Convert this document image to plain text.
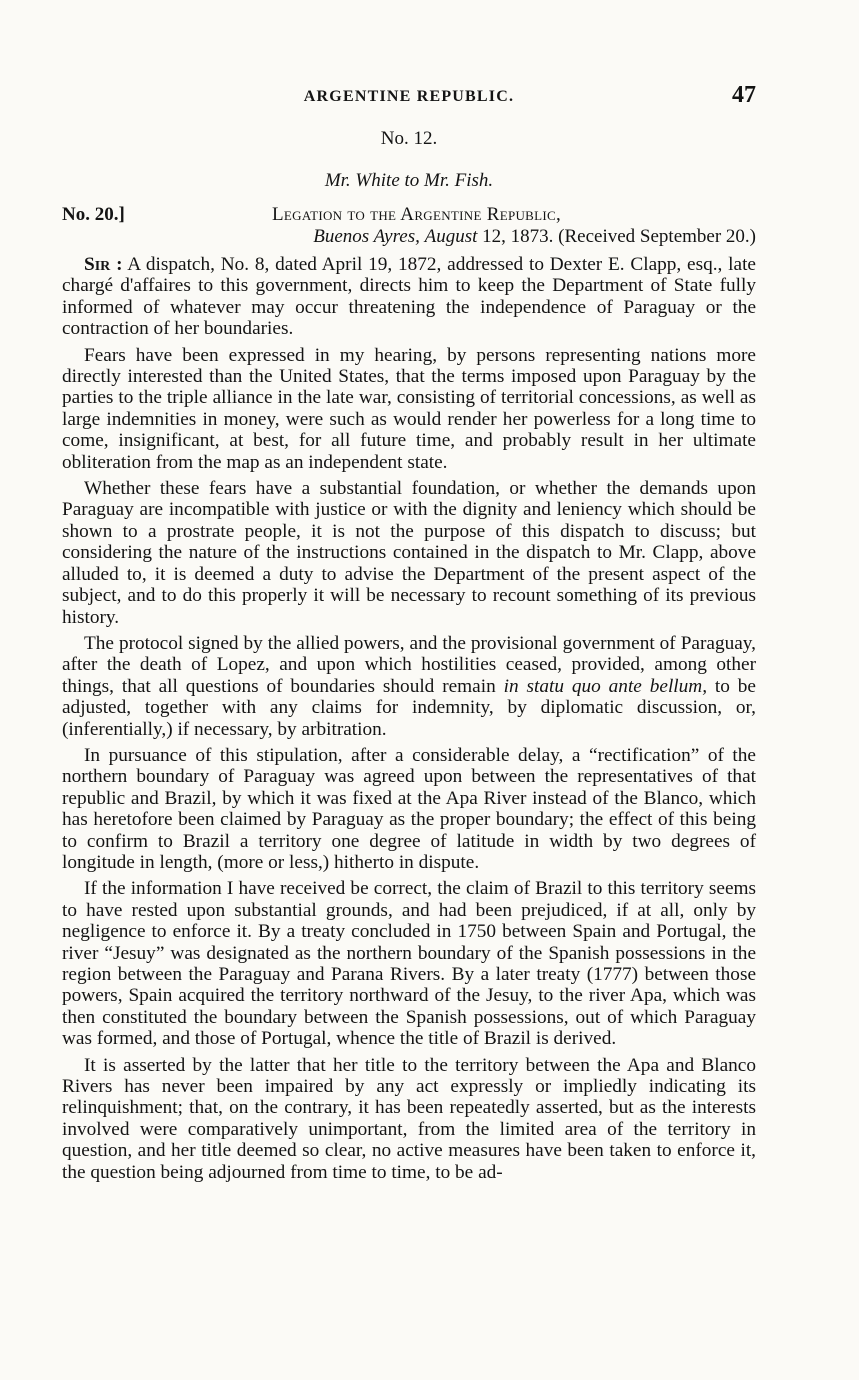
ARGENTINE REPUBLIC.	47
No. 12.
Mr. White to Mr. Fish.
No. 20.]	Legation to the Argentine Republic,
Buenos Ayres, August 12, 1873. (Received September 20.)

Sir : A dispatch, No. 8, dated April 19, 1872, addressed to Dexter E. Clapp, esq., late chargé d'affaires to this government, directs him to keep the Department of State fully informed of whatever may occur threatening the independence of Paraguay or the contraction of her boundaries.

Fears have been expressed in my hearing, by persons representing nations more directly interested than the United States, that the terms imposed upon Paraguay by the parties to the triple alliance in the late war, consisting of territorial concessions, as well as large indemnities in money, were such as would render her powerless for a long time to come, insignificant, at best, for all future time, and probably result in her ultimate obliteration from the map as an independent state.

Whether these fears have a substantial foundation, or whether the demands upon Paraguay are incompatible with justice or with the dignity and leniency which should be shown to a prostrate people, it is not the purpose of this dispatch to discuss; but considering the nature of the instructions contained in the dispatch to Mr. Clapp, above alluded to, it is deemed a duty to advise the Department of the present aspect of the subject, and to do this properly it will be necessary to recount something of its previous history.

The protocol signed by the allied powers, and the provisional government of Paraguay, after the death of Lopez, and upon which hostilities ceased, provided, among other things, that all questions of boundaries should remain in statu quo ante bellum, to be adjusted, together with any claims for indemnity, by diplomatic discussion, or, (inferentially,) if necessary, by arbitration.

In pursuance of this stipulation, after a considerable delay, a “rectification” of the northern boundary of Paraguay was agreed upon between the representatives of that republic and Brazil, by which it was fixed at the Apa River instead of the Blanco, which has heretofore been claimed by Paraguay as the proper boundary; the effect of this being to confirm to Brazil a territory one degree of latitude in width by two degrees of longitude in length, (more or less,) hitherto in dispute.

If the information I have received be correct, the claim of Brazil to this territory seems to have rested upon substantial grounds, and had been prejudiced, if at all, only by negligence to enforce it. By a treaty concluded in 1750 between Spain and Portugal, the river “Jesuy” was designated as the northern boundary of the Spanish possessions in the region between the Paraguay and Parana Rivers. By a later treaty (1777) between those powers, Spain acquired the territory northward of the Jesuy, to the river Apa, which was then constituted the boundary between the Spanish possessions, out of which Paraguay was formed, and those of Portugal, whence the title of Brazil is derived.

It is asserted by the latter that her title to the territory between the Apa and Blanco Rivers has never been impaired by any act expressly or impliedly indicating its relinquishment; that, on the contrary, it has been repeatedly asserted, but as the interests involved were comparatively unimportant, from the limited area of the territory in question, and her title deemed so clear, no active measures have been taken to enforce it, the question being adjourned from time to time, to be ad-
